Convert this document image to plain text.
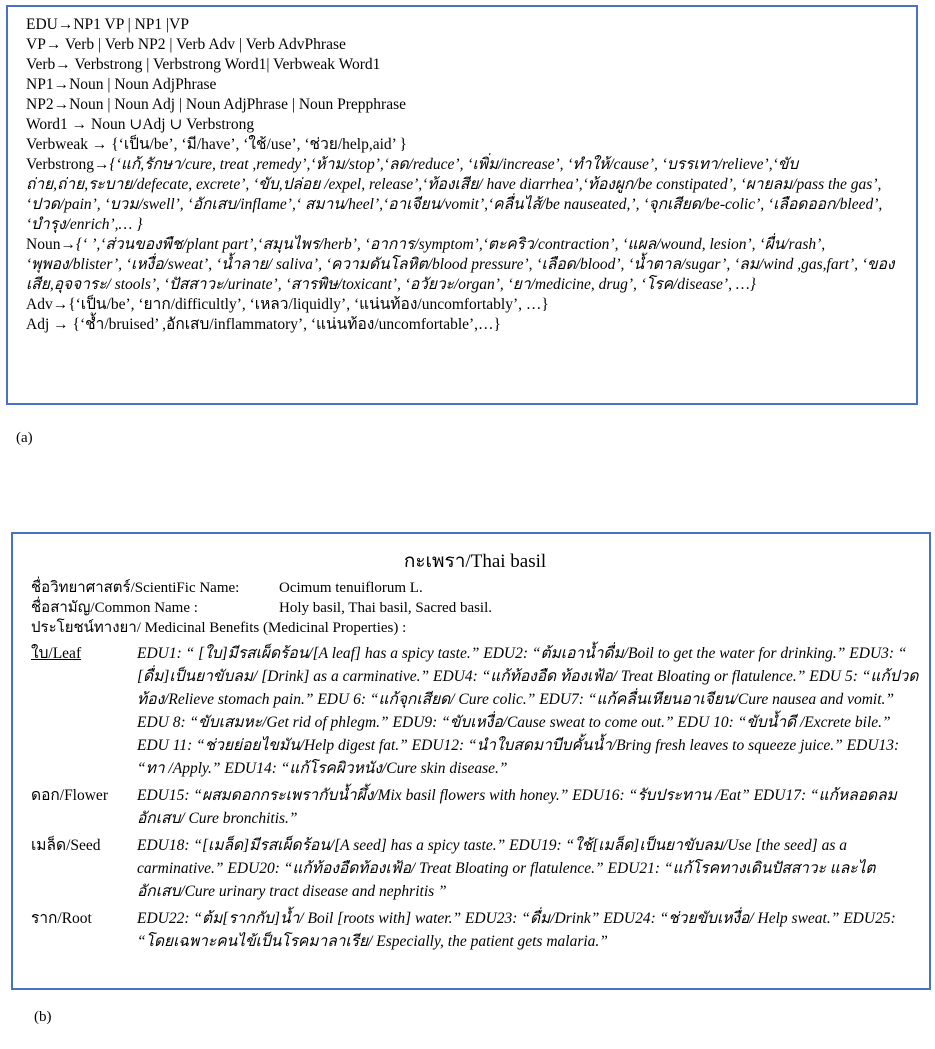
EDU→NP1 VP | NP1 |VP
VP→ Verb | Verb NP2 | Verb Adv | Verb AdvPhrase
Verb→ Verbstrong | Verbstrong Word1| Verbweak Word1
NP1→Noun | Noun AdjPhrase
NP2→Noun | Noun Adj | Noun AdjPhrase | Noun Prepphrase
Word1 → Noun ∪Adj ∪ Verbstrong
Verbweak → {‘เป็น/be’, ‘มี/have’, ‘ใช้/use’, ‘ช่วย/help,aid’ }
Verbstrong→{‘แก้,รักษา/cure, treat ,remedy’,‘ห้าม/stop’,‘ลด/reduce’, ‘เพิ่ม/increase’, ‘ทำให้/cause’, ‘บรรเทา/relieve’,‘ขับถ่าย,ถ่าย,ระบาย/defecate, excrete’, ‘ขับ,ปล่อย /expel, release’,‘ท้องเสีย/ have diarrhea’,‘ท้องผูก/be constipated’, ‘ผายลม/pass the gas’, ‘ปวด/pain’, ‘บวม/swell’, ‘อักเสบ/inflame’,‘ สมาน/heel’,‘อาเจียน/vomit’,‘คลื่นไส้/be nauseated,’, ‘จุกเสียด/be-colic’, ‘เลือดออก/bleed’, ‘บำรุง/enrich’,… }
Noun→{‘ ’,‘ส่วนของพืช/plant part’,‘สมุนไพร/herb’, ‘อาการ/symptom’,‘ตะคริว/contraction’, ‘แผล/wound, lesion’, ‘ผื่น/rash’, ‘พุพอง/blister’, ‘เหงื่อ/sweat’, ‘น้ำลาย/ saliva’, ‘ความดันโลหิต/blood pressure’, ‘เลือด/blood’, ‘น้ำตาล/sugar’, ‘ลม/wind ,gas,fart’, ‘ของเสีย,อุจจาระ/ stools’, ‘ปัสสาวะ/urinate’, ‘สารพิษ/toxicant’, ‘อวัยวะ/organ’, ‘ยา/medicine, drug’, ‘โรค/disease’, …}
Adv→{‘เป็น/be’, ‘ยาก/difficultly’, ‘เหลว/liquidly’, ‘แน่นท้อง/uncomfortably’, …}
Adj → {‘ช้ำ/bruised’ ,อักเสบ/inflammatory’, ‘แน่นท้อง/uncomfortable’,…}
(a)
กะเพรา/Thai basil
ชื่อวิทยาศาสตร์/ScientiFic Name:	Ocimum tenuiflorum L.
ชื่อสามัญ/Common Name :	Holy basil, Thai basil, Sacred basil.
ประโยชน์ทางยา/ Medicinal Benefits (Medicinal Properties) :
ใบ/Leaf	EDU1: “ [ใบ]มีรสเผ็ดร้อน/[A leaf] has a spicy taste.” EDU2: “ต้มเอาน้ำดื่ม/Boil to get the water for drinking.” EDU3: “ [ดื่ม]เป็นยาขับลม/ [Drink] as a carminative.” EDU4: “แก้ท้องอืด ท้องเฟ้อ/ Treat Bloating or flatulence.” EDU 5: “แก้ปวดท้อง/Relieve stomach pain.” EDU 6: “แก้จุกเสียด/ Cure colic.” EDU7: “แก้คลื่นเหียนอาเจียน/Cure nausea and vomit.” EDU 8: “ขับเสมหะ/Get rid of phlegm.” EDU9: “ขับเหงื่อ/Cause sweat to come out.” EDU 10: “ขับน้ำดี /Excrete bile.” EDU 11: “ช่วยย่อยไขมัน/Help digest fat.” EDU12: “นำใบสดมาบีบคั้นน้ำ/Bring fresh leaves to squeeze juice.” EDU13: “ทา /Apply.” EDU14: “แก้โรคผิวหนัง/Cure skin disease.”
ดอก/Flower	EDU15: “ผสมดอกกระเพรากับน้ำผึ้ง/Mix basil flowers with honey.” EDU16: “รับประทาน /Eat” EDU17: “แก้หลอดลมอักเสบ/ Cure bronchitis.”
เมล็ด/Seed	EDU18: “[เมล็ด]มีรสเผ็ดร้อน/[A seed] has a spicy taste.” EDU19: “ใช้[เมล็ด]เป็นยาขับลม/Use [the seed] as a carminative.” EDU20: “แก้ท้องอืดท้องเฟ้อ/ Treat Bloating or flatulence.” EDU21: “แก้โรคทางเดินปัสสาวะ และไตอักเสบ/Cure urinary tract disease and nephritis ”
ราก/Root	EDU22: “ต้ม[รากกับ]น้ำ/ Boil [roots with] water.” EDU23: “ดื่ม/Drink” EDU24: “ช่วยขับเหงื่อ/ Help sweat.” EDU25: “โดยเฉพาะคนไข้เป็นโรคมาลาเรีย/ Especially, the patient gets malaria.”
(b)
